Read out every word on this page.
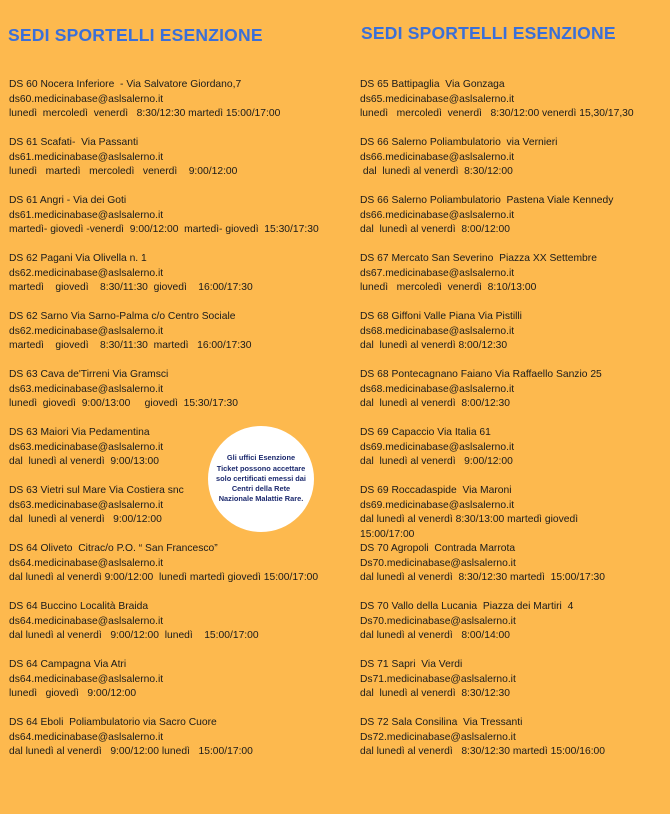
SEDI SPORTELLI ESENZIONE	SEDI SPORTELLI ESENZIONE
DS 60 Nocera Inferiore  - Via Salvatore Giordano,7
ds60.medicinabase@aslsalerno.it
lunedì  mercoledì  venerdì   8:30/12:30 martedì 15:00/17:00
DS 61 Scafati-  Via Passanti
ds61.medicinabase@aslsalerno.it
lunedì   martedì   mercoledì   venerdì    9:00/12:00
DS 61 Angri - Via dei Goti
ds61.medicinabase@aslsalerno.it
martedì- giovedì -venerdì  9:00/12:00  martedì- giovedì  15:30/17:30
DS 62 Pagani Via Olivella n. 1
ds62.medicinabase@aslsalerno.it
martedì    giovedì    8:30/11:30  giovedì    16:00/17:30
DS 62 Sarno Via Sarno-Palma c/o Centro Sociale
ds62.medicinabase@aslsalerno.it
martedì    giovedì    8:30/11:30  martedì   16:00/17:30
DS 63 Cava de'Tirreni Via Gramsci
ds63.medicinabase@aslsalerno.it
lunedì  giovedì  9:00/13:00     giovedì  15:30/17:30
DS 63 Maiori Via Pedamentina
ds63.medicinabase@aslsalerno.it
dal  lunedì al venerdì  9:00/13:00
DS 63 Vietri sul Mare Via Costiera snc
ds63.medicinabase@aslsalerno.it
dal  lunedì al venerdì   9:00/12:00
DS 64 Oliveto  Citrac/o P.O. “ San Francesco”
ds64.medicinabase@aslsalerno.it
dal lunedì al venerdì 9:00/12:00  lunedì martedì giovedì 15:00/17:00
DS 64 Buccino Località Braida
ds64.medicinabase@aslsalerno.it
dal lunedì al venerdì   9:00/12:00  lunedì    15:00/17:00
DS 64 Campagna Via Atri
ds64.medicinabase@aslsalerno.it
lunedì   giovedì   9:00/12:00
DS 64 Eboli  Poliambulatorio via Sacro Cuore
ds64.medicinabase@aslsalerno.it
dal lunedì al venerdì   9:00/12:00 lunedì   15:00/17:00
DS 65 Battipaglia  Via Gonzaga
ds65.medicinabase@aslsalerno.it
lunedì   mercoledì  venerdì   8:30/12:00 venerdì 15,30/17,30
DS 66 Salerno Poliambulatorio  via Vernieri
ds66.medicinabase@aslsalerno.it
dal  lunedì al venerdì  8:30/12:00
DS 66 Salerno Poliambulatorio  Pastena Viale Kennedy
ds66.medicinabase@aslsalerno.it
dal  lunedì al venerdì  8:00/12:00
DS 67 Mercato San Severino  Piazza XX Settembre
ds67.medicinabase@aslsalerno.it
lunedì   mercoledì  venerdì  8:10/13:00
DS 68 Giffoni Valle Piana Via Pistilli
ds68.medicinabase@aslsalerno.it
dal  lunedì al venerdì 8:00/12:30
DS 68 Pontecagnano Faiano Via Raffaello Sanzio 25
ds68.medicinabase@aslsalerno.it
dal  lunedì al venerdì  8:00/12:30
DS 69 Capaccio Via Italia 61
ds69.medicinabase@aslsalerno.it
dal  lunedì al venerdì   9:00/12:00
DS 69 Roccadaspide  Via Maroni
ds69.medicinabase@aslsalerno.it
dal lunedì al venerdì 8:30/13:00 martedì giovedì
15:00/17:00
DS 70 Agropoli  Contrada Marrota
Ds70.medicinabase@aslsalerno.it
dal lunedì al venerdì  8:30/12:30 martedì  15:00/17:30
DS 70 Vallo della Lucania  Piazza dei Martiri  4
Ds70.medicinabase@aslsalerno.it
dal lunedì al venerdì   8:00/14:00
DS 71 Sapri  Via Verdi
Ds71.medicinabase@aslsalerno.it
dal  lunedì al venerdì  8:30/12:30
DS 72 Sala Consilina  Via Tressanti
Ds72.medicinabase@aslsalerno.it
dal lunedì al venerdì   8:30/12:30 martedì 15:00/16:00
Gli uffici Esenzione Ticket possono accettare solo certificati emessi dai Centri della Rete Nazionale Malattie Rare.
